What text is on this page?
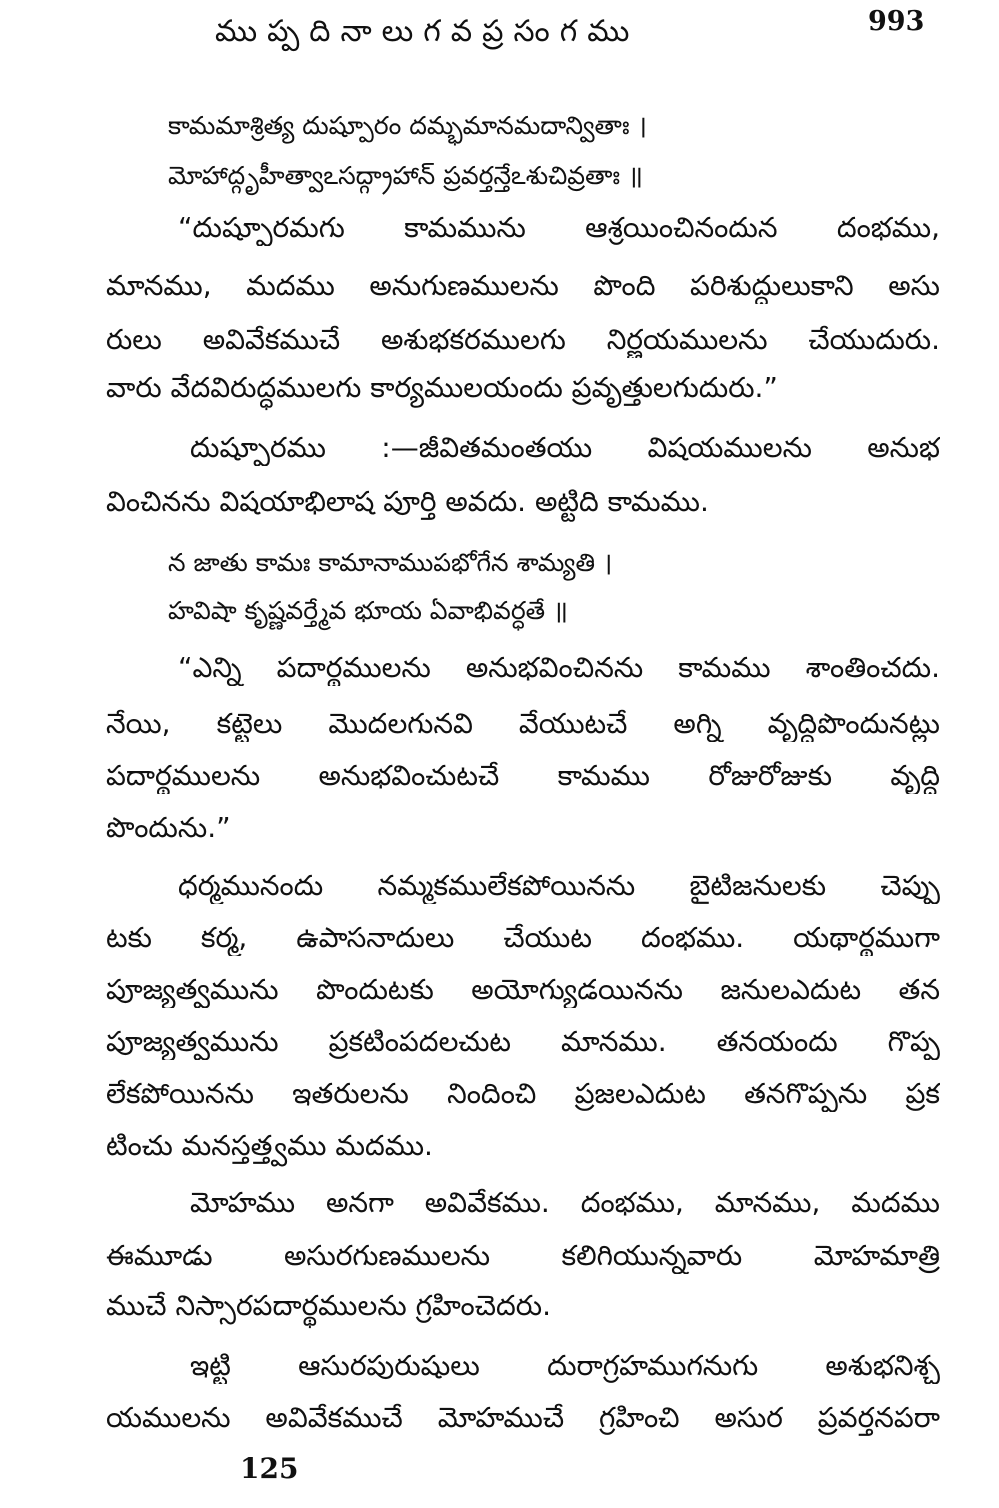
ముప్పదినాలుగవప్రసంగము	993
కామమాశ్రిత్య దుష్పూరం దమ్భమానమదాన్వితాః ।
మోహాద్గృహీత్వాఽసద్గ్రాహాన్ ప్రవర్తన్తేఽశుచివ్రతాః ॥
“దుష్పూరమగు కామమును ఆశ్రయించినందున దంభము,
మానము, మదము అనుగుణములను పొంది పరిశుద్ధులుకాని అసు
రులు అవివేకముచే అశుభకరములగు నిర్ణయములను చేయుదురు.
వారు వేదవిరుద్ధములగు కార్యములయందు ప్రవృత్తులగుదురు.”
దుష్పూరము :—జీవితమంతయు విషయములను అనుభ
వించినను విషయాభిలాష పూర్తి అవదు. అట్టిది కామము.
న జాతు కామః కామానాముపభోగేన శామ్యతి ।
హవిషా కృష్ణవర్త్మేవ భూయ ఏవాభివర్ధతే ॥
“ఎన్ని పదార్థములను అనుభవించినను కామము శాంతించదు.
నేయి, కట్టెలు మొదలగునవి వేయుటచే అగ్ని వృద్ధిపొందునట్లు
పదార్థములను అనుభవించుటచే కామము రోజురోజుకు వృద్ధి
పొందును.”
ధర్మమునందు నమ్మకములేకపోయినను బైటిజనులకు చెప్పు
టకు కర్మ, ఉపాసనాదులు చేయుట దంభము. యథార్థముగా
పూజ్యత్వమును పొందుటకు అయోగ్యుడయినను జనులఎదుట తన
పూజ్యత్వమును ప్రకటింపదలచుట మానము. తనయందు గొప్ప
లేకపోయినను ఇతరులను నిందించి ప్రజలఎదుట తనగొప్పను ప్రక
టించు మనస్తత్త్వము మదము.
మోహము అనగా అవివేకము. దంభము, మానము, మదము
ఈమూడు అసురగుణములను కలిగియున్నవారు మోహమాత్రి
ముచే నిస్సారపదార్థములను గ్రహించెదరు.
ఇట్టి ఆసురపురుషులు దురాగ్రహముగనుగు అశుభనిశ్చ
యములను అవివేకముచే మోహముచే గ్రహించి అసుర ప్రవర్తనపరా
125
